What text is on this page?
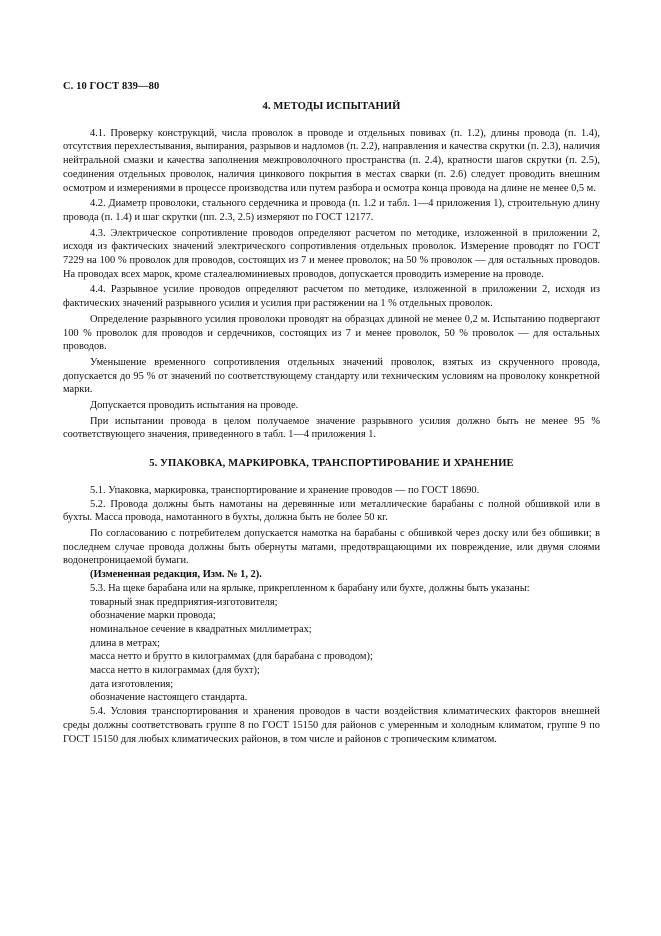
С. 10 ГОСТ 839—80
4. МЕТОДЫ ИСПЫТАНИЙ

4.1. Проверку конструкций, числа проволок в проводе и отдельных повивах (п. 1.2), длины провода (п. 1.4), отсутствия перехлестывания, выпирания, разрывов и надломов (п. 2.2), направления и качества скрутки (п. 2.3), наличия нейтральной смазки и качества заполнения межпроволочного пространства (п. 2.4), кратности шагов скрутки (п. 2.5), соединения отдельных проволок, наличия цинкового покрытия в местах сварки (п. 2.6) следует проводить внешним осмотром и измерениями в процессе производства или путем разбора и осмотра конца провода на длине не менее 0,5 м.

4.2. Диаметр проволоки, стального сердечника и провода (п. 1.2 и табл. 1—4 приложения 1), строительную длину провода (п. 1.4) и шаг скрутки (пп. 2.3, 2.5) измеряют по ГОСТ 12177.

4.3. Электрическое сопротивление проводов определяют расчетом по методике, изложенной в приложении 2, исходя из фактических значений электрического сопротивления отдельных проволок. Измерение проводят по ГОСТ 7229 на 100 % проволок для проводов, состоящих из 7 и менее проволок; на 50 % проволок — для остальных проводов. На проводах всех марок, кроме сталеалюминиевых проводов, допускается проводить измерение на проводе.

4.4. Разрывное усилие проводов определяют расчетом по методике, изложенной в приложении 2, исходя из фактических значений разрывного усилия и усилия при растяжении на 1 % отдельных проволок.

Определение разрывного усилия проволоки проводят на образцах длиной не менее 0,2 м. Испытанию подвергают 100 % проволок для проводов и сердечников, состоящих из 7 и менее проволок, 50 % проволок — для остальных проводов.

Уменьшение временного сопротивления отдельных значений проволок, взятых из скрученного провода, допускается до 95 % от значений по соответствующему стандарту или техническим условиям на проволоку конкретной марки.

Допускается проводить испытания на проводе.

При испытании провода в целом получаемое значение разрывного усилия должно быть не менее 95 % соответствующего значения, приведенного в табл. 1—4 приложения 1.

5. УПАКОВКА, МАРКИРОВКА, ТРАНСПОРТИРОВАНИЕ И ХРАНЕНИЕ

5.1. Упаковка, маркировка, транспортирование и хранение проводов — по ГОСТ 18690.

5.2. Провода должны быть намотаны на деревянные или металлические барабаны с полной обшивкой или в бухты. Масса провода, намотанного в бухты, должна быть не более 50 кг.

По согласованию с потребителем допускается намотка на барабаны с обшивкой через доску или без обшивки; в последнем случае провода должны быть обернуты матами, предотвращающими их повреждение, или двумя слоями водонепроницаемой бумаги.

(Измененная редакция, Изм. № 1, 2).

5.3. На щеке барабана или на ярлыке, прикрепленном к барабану или бухте, должны быть указаны:

товарный знак предприятия-изготовителя;
обозначение марки провода;
номинальное сечение в квадратных миллиметрах;
длина в метрах;
масса нетто и брутто в килограммах (для барабана с проводом);
масса нетто в килограммах (для бухт);
дата изготовления;
обозначение настоящего стандарта.

5.4. Условия транспортирования и хранения проводов в части воздействия климатических факторов внешней среды должны соответствовать группе 8 по ГОСТ 15150 для районов с умеренным и холодным климатом, группе 9 по ГОСТ 15150 для любых климатических районов, в том числе и районов с тропическим климатом.
